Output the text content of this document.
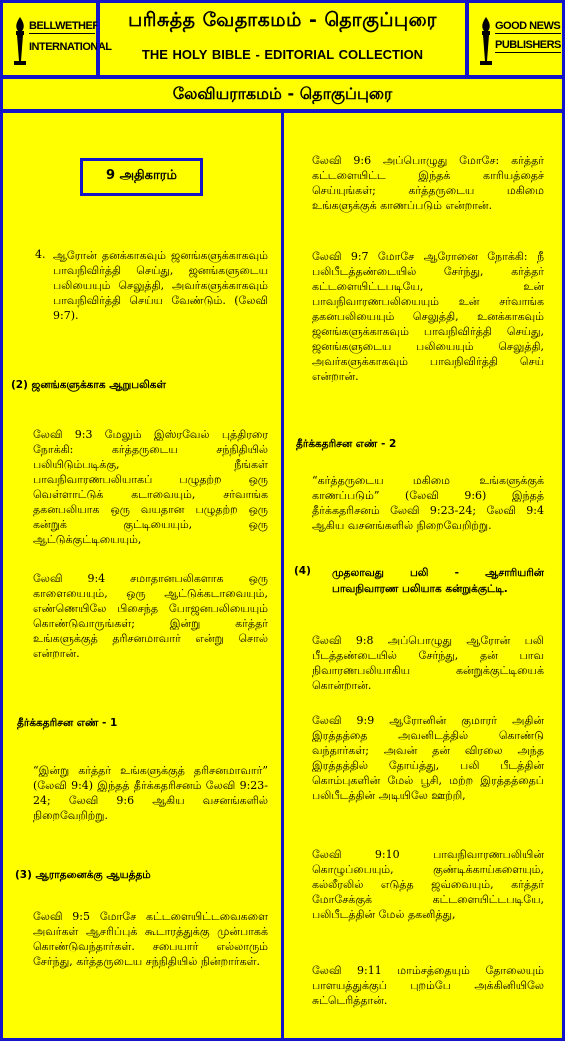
BELLWETHER
INTERNATIONAL
பரிசுத்த வேதாகமம் - தொகுப்புரை
THE HOLY BIBLE - EDITORIAL COLLECTION
GOOD NEWS
PUBLISHERS
லேவியராகமம் - தொகுப்புரை
9 அதிகாரம்
4. ஆரோன் தனக்காகவும் ஜனங்களுக்காகவும் பாவநிவிர்த்தி செய்து, ஜனங்களுடைய பலியையும் செலுத்தி, அவர்களுக்காகவும் பாவநிவிர்த்தி செய்ய வேண்டும். (லேவி 9:7).

(2) ஜனங்களுக்காக ஆறுபலிகள்

லேவி 9:3 மேலும் இஸ்ரவேல் புத்திரரை நோக்கி: கர்த்தருடைய சந்நிதியில் பலியிடும்படிக்கு, நீங்கள் பாவநிவாரணபலியாகப் பழுதற்ற ஒரு வெள்ளாட்டுக் கடாவையும், சர்வாங்க தகனபலியாக ஒரு வயதான பழுதற்ற ஒரு கன்றுக் குட்டியையும், ஒரு ஆட்டுக்குட்டியையும்,

லேவி 9:4 சமாதானபலிகளாக ஒரு காளையையும், ஒரு ஆட்டுக்கடாவையும், எண்ணெயிலே பிசைந்த போஜனபலியையும் கொண்டுவாருங்கள்; இன்று கர்த்தர் உங்களுக்குத் தரிசனமாவார் என்று சொல் என்றான்.

தீர்க்கதரிசன எண் - 1

“இன்று கர்த்தர் உங்களுக்குத் தரிசனமாவார்” (லேவி 9:4) இந்தத் தீர்க்கதரிசனம் லேவி 9:23-24; லேவி 9:6 ஆகிய வசனங்களில் நிறைவேறிற்று.

(3) ஆராதனைக்கு ஆயத்தம்

லேவி 9:5 மோசே கட்டளையிட்டவைகளை அவர்கள் ஆசரிப்புக் கூடாரத்துக்கு முன்பாகக் கொண்டுவந்தார்கள். சபையார் எல்லாரும் சேர்ந்து, கர்த்தருடைய சந்நிதியில் நின்றார்கள்.

லேவி 9:6 அப்பொழுது மோசே: கர்த்தர் கட்டளையிட்ட இந்தக் காரியத்தைச் செய்யுங்கள்; கர்த்தருடைய மகிமை உங்களுக்குக் காணப்படும் என்றான்.

லேவி 9:7 மோசே ஆரோனை நோக்கி: நீ பலிபீடத்தண்டையில் சேர்ந்து, கர்த்தர் கட்டளையிட்டபடியே, உன் பாவநிவாரணபலியையும் உன் சர்வாங்க தகனபலியையும் செலுத்தி, உனக்காகவும் ஜனங்களுக்காகவும் பாவநிவிர்த்தி செய்து, ஜனங்களுடைய பலியையும் செலுத்தி, அவர்களுக்காகவும் பாவநிவிர்த்தி செய் என்றான்.

தீர்க்கதரிசன எண் - 2

“கர்த்தருடைய மகிமை உங்களுக்குக் காணப்படும்” (லேவி 9:6) இந்தத் தீர்க்கதரிசனம் லேவி 9:23-24; லேவி 9:4 ஆகிய வசனங்களில் நிறைவேறிற்று.

(4) முதலாவது பலி - ஆசாரியரின் பாவநிவாரண பலியாக கன்றுக்குட்டி.

லேவி 9:8 அப்பொழுது ஆரோன் பலி பீடத்தண்டையில் சேர்ந்து, தன் பாவ நிவாரணபலியாகிய கன்றுக்குட்டியைக் கொன்றான்.

லேவி 9:9 ஆரோனின் குமாரர் அதின் இரத்தத்தை அவனிடத்தில் கொண்டு வந்தார்கள்; அவன் தன் விரலை அந்த இரத்தத்தில் தோய்த்து, பலி பீடத்தின் கொம்புகளின் மேல் பூசி, மற்ற இரத்தத்தைப் பலிபீடத்தின் அடியிலே ஊற்றி,

லேவி 9:10 பாவநிவாரணபலியின் கொழுப்பையும், குண்டிக்காய்களையும், கல்லீரலில் எடுத்த ஜவ்வையும், கர்த்தர் மோசேக்குக் கட்டளையிட்டபடியே, பலிபீடத்தின் மேல் தகனித்து,

லேவி 9:11 மாம்சத்தையும் தோலையும் பாளயத்துக்குப் புறம்பே அக்கினியிலே சுட்டெரித்தான்.
